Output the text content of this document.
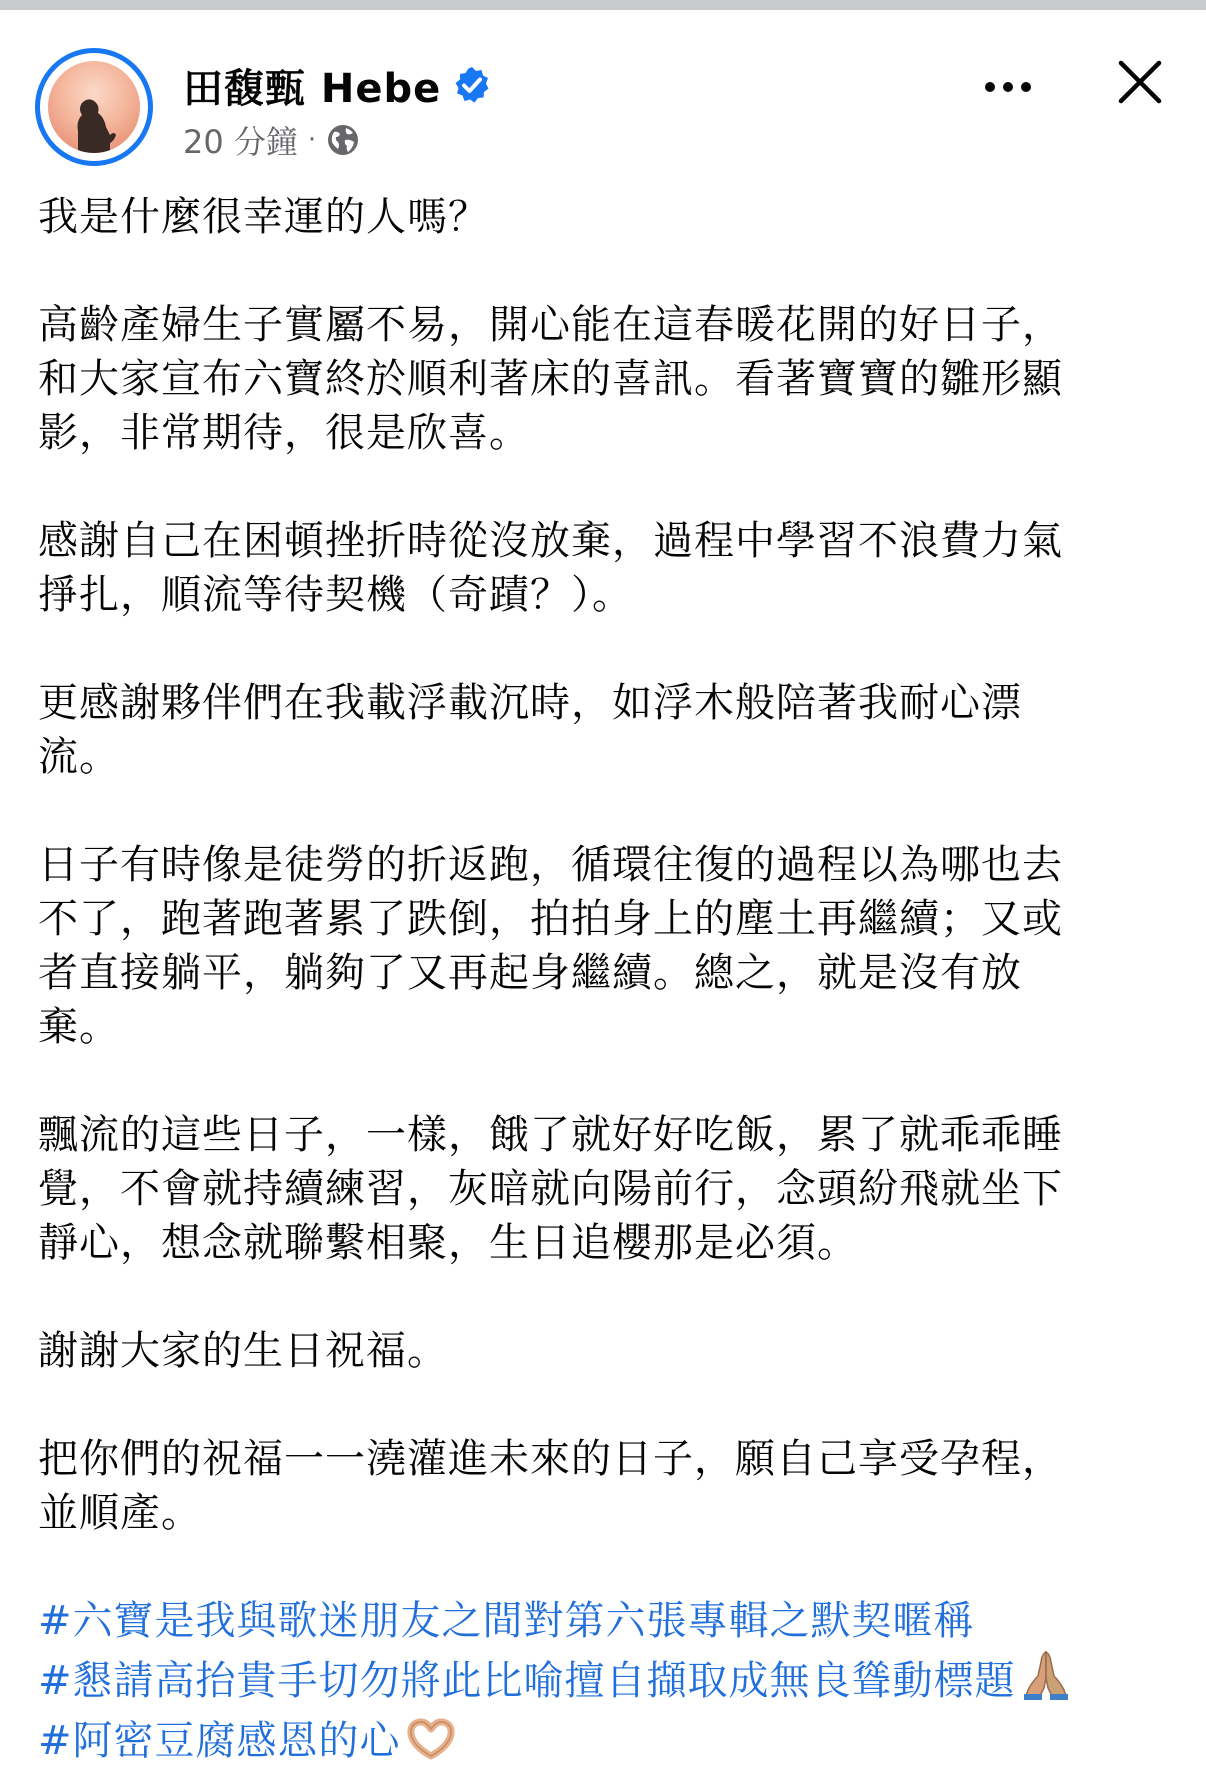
田馥甄 Hebe
20 分鐘 ·

我是什麼很幸運的人嗎？

高齡產婦生子實屬不易，開心能在這春暖花開的好日子，
和大家宣布六寶終於順利著床的喜訊。看著寶寶的雛形顯
影，非常期待，很是欣喜。

感謝自己在困頓挫折時從沒放棄，過程中學習不浪費力氣
掙扎，順流等待契機（奇蹟？）。

更感謝夥伴們在我載浮載沉時，如浮木般陪著我耐心漂
流。

日子有時像是徒勞的折返跑，循環往復的過程以為哪也去
不了，跑著跑著累了跌倒，拍拍身上的塵土再繼續；又或
者直接躺平，躺夠了又再起身繼續。總之，就是沒有放
棄。

飄流的這些日子，一樣，餓了就好好吃飯，累了就乖乖睡
覺，不會就持續練習，灰暗就向陽前行，念頭紛飛就坐下
靜心，想念就聯繫相聚，生日追櫻那是必須。

謝謝大家的生日祝福。

把你們的祝福一一澆灌進未來的日子，願自己享受孕程，
並順產。

#六寶是我與歌迷朋友之間對第六張專輯之默契暱稱
#懇請高抬貴手切勿將此比喻擅自擷取成無良聳動標題
#阿密豆腐感恩的心
